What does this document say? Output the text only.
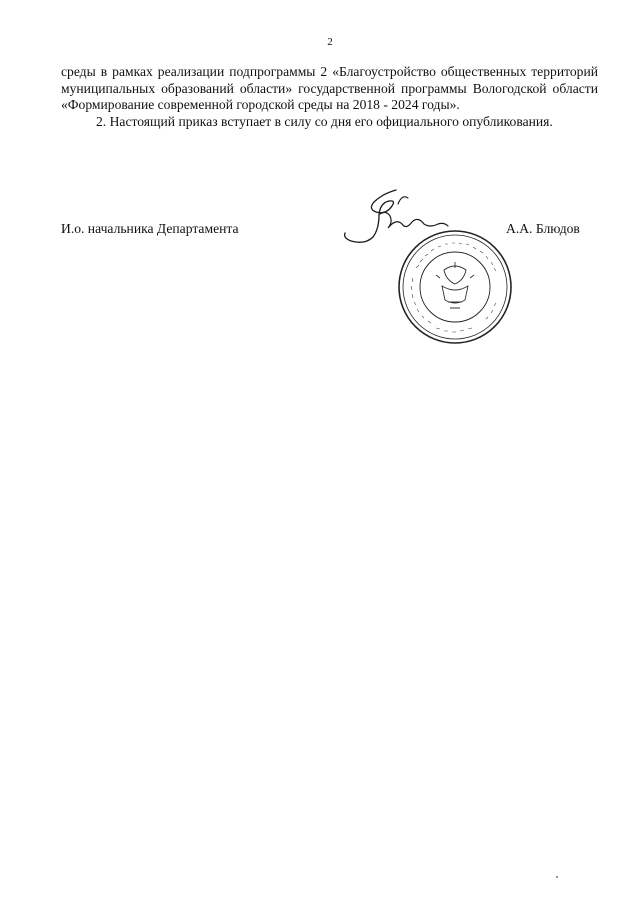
2

среды в рамках реализации подпрограммы 2 «Благоустройство общественных территорий муниципальных образований области» государственной программы Вологодской области «Формирование современной городской среды на 2018 - 2024 годы».

2. Настоящий приказ вступает в силу со дня его официального опубликования.

И.о. начальника Департамента	А.А. Блюдов
